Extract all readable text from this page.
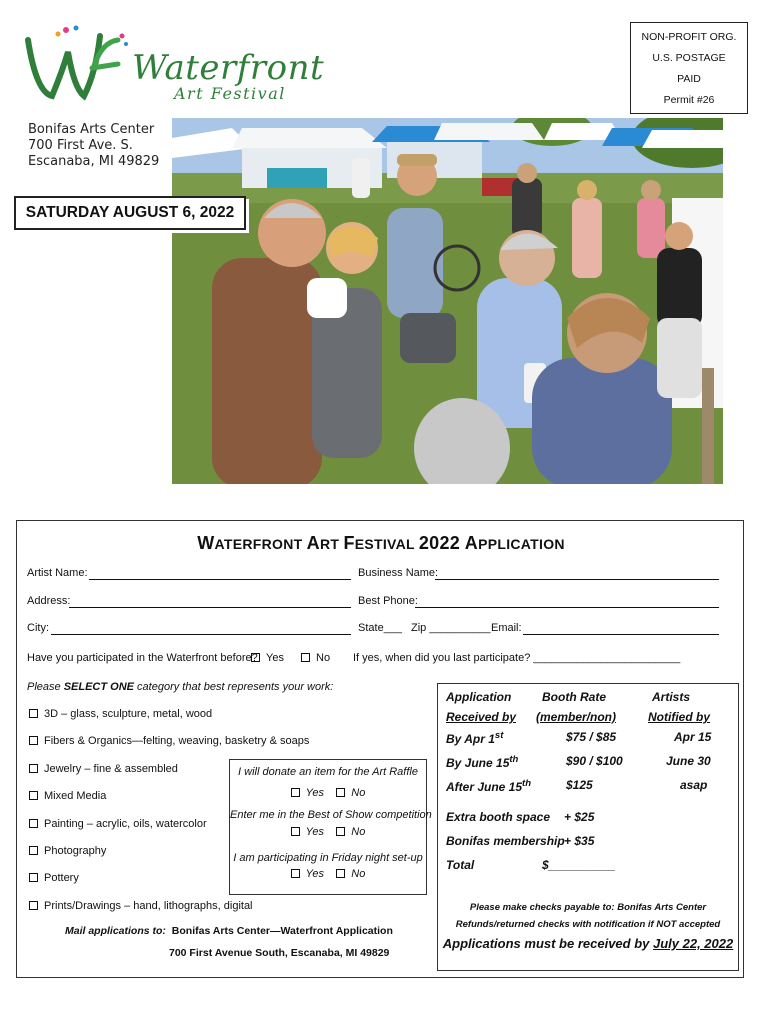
Waterfront
Art Festival
NON-PROFIT ORG.
U.S. POSTAGE
PAID
Permit #26
Bonifas Arts Center
700 First Ave. S.
Escanaba, MI 49829
SATURDAY AUGUST 6, 2022
WATERFRONT ART FESTIVAL 2022 APPLICATION
Artist Name:	Business Name:
Address:	Best Phone:
City:	State___ Zip __________ Email:
Have you participated in the Waterfront before? Yes	No If yes, when did you last participate? ________________________
Please SELECT ONE category that best represents your work:
3D – glass, sculpture, metal, wood
Fibers & Organics—felting, weaving, basketry & soaps
Jewelry – fine & assembled
Mixed Media
Painting – acrylic, oils, watercolor
Photography
Pottery
Prints/Drawings – hand, lithographs, digital
I will donate an item for the Art Raffle
Yes No
Enter me in the Best of Show competition
Yes No
I am participating in Friday night set-up
Yes No
Application
Received by
Booth Rate
(member/non)
Artists
Notified by
By Apr 1st	$75 / $85	Apr 15
By June 15th	$90 / $100	June 30
After June 15th	$125	asap
Extra booth space + $25
Bonifas membership + $35
Total	$__________
Please make checks payable to: Bonifas Arts Center
Refunds/returned checks with notification if NOT accepted
Applications must be received by July 22, 2022
Mail applications to: Bonifas Arts Center—Waterfront Application
700 First Avenue South, Escanaba, MI 49829
